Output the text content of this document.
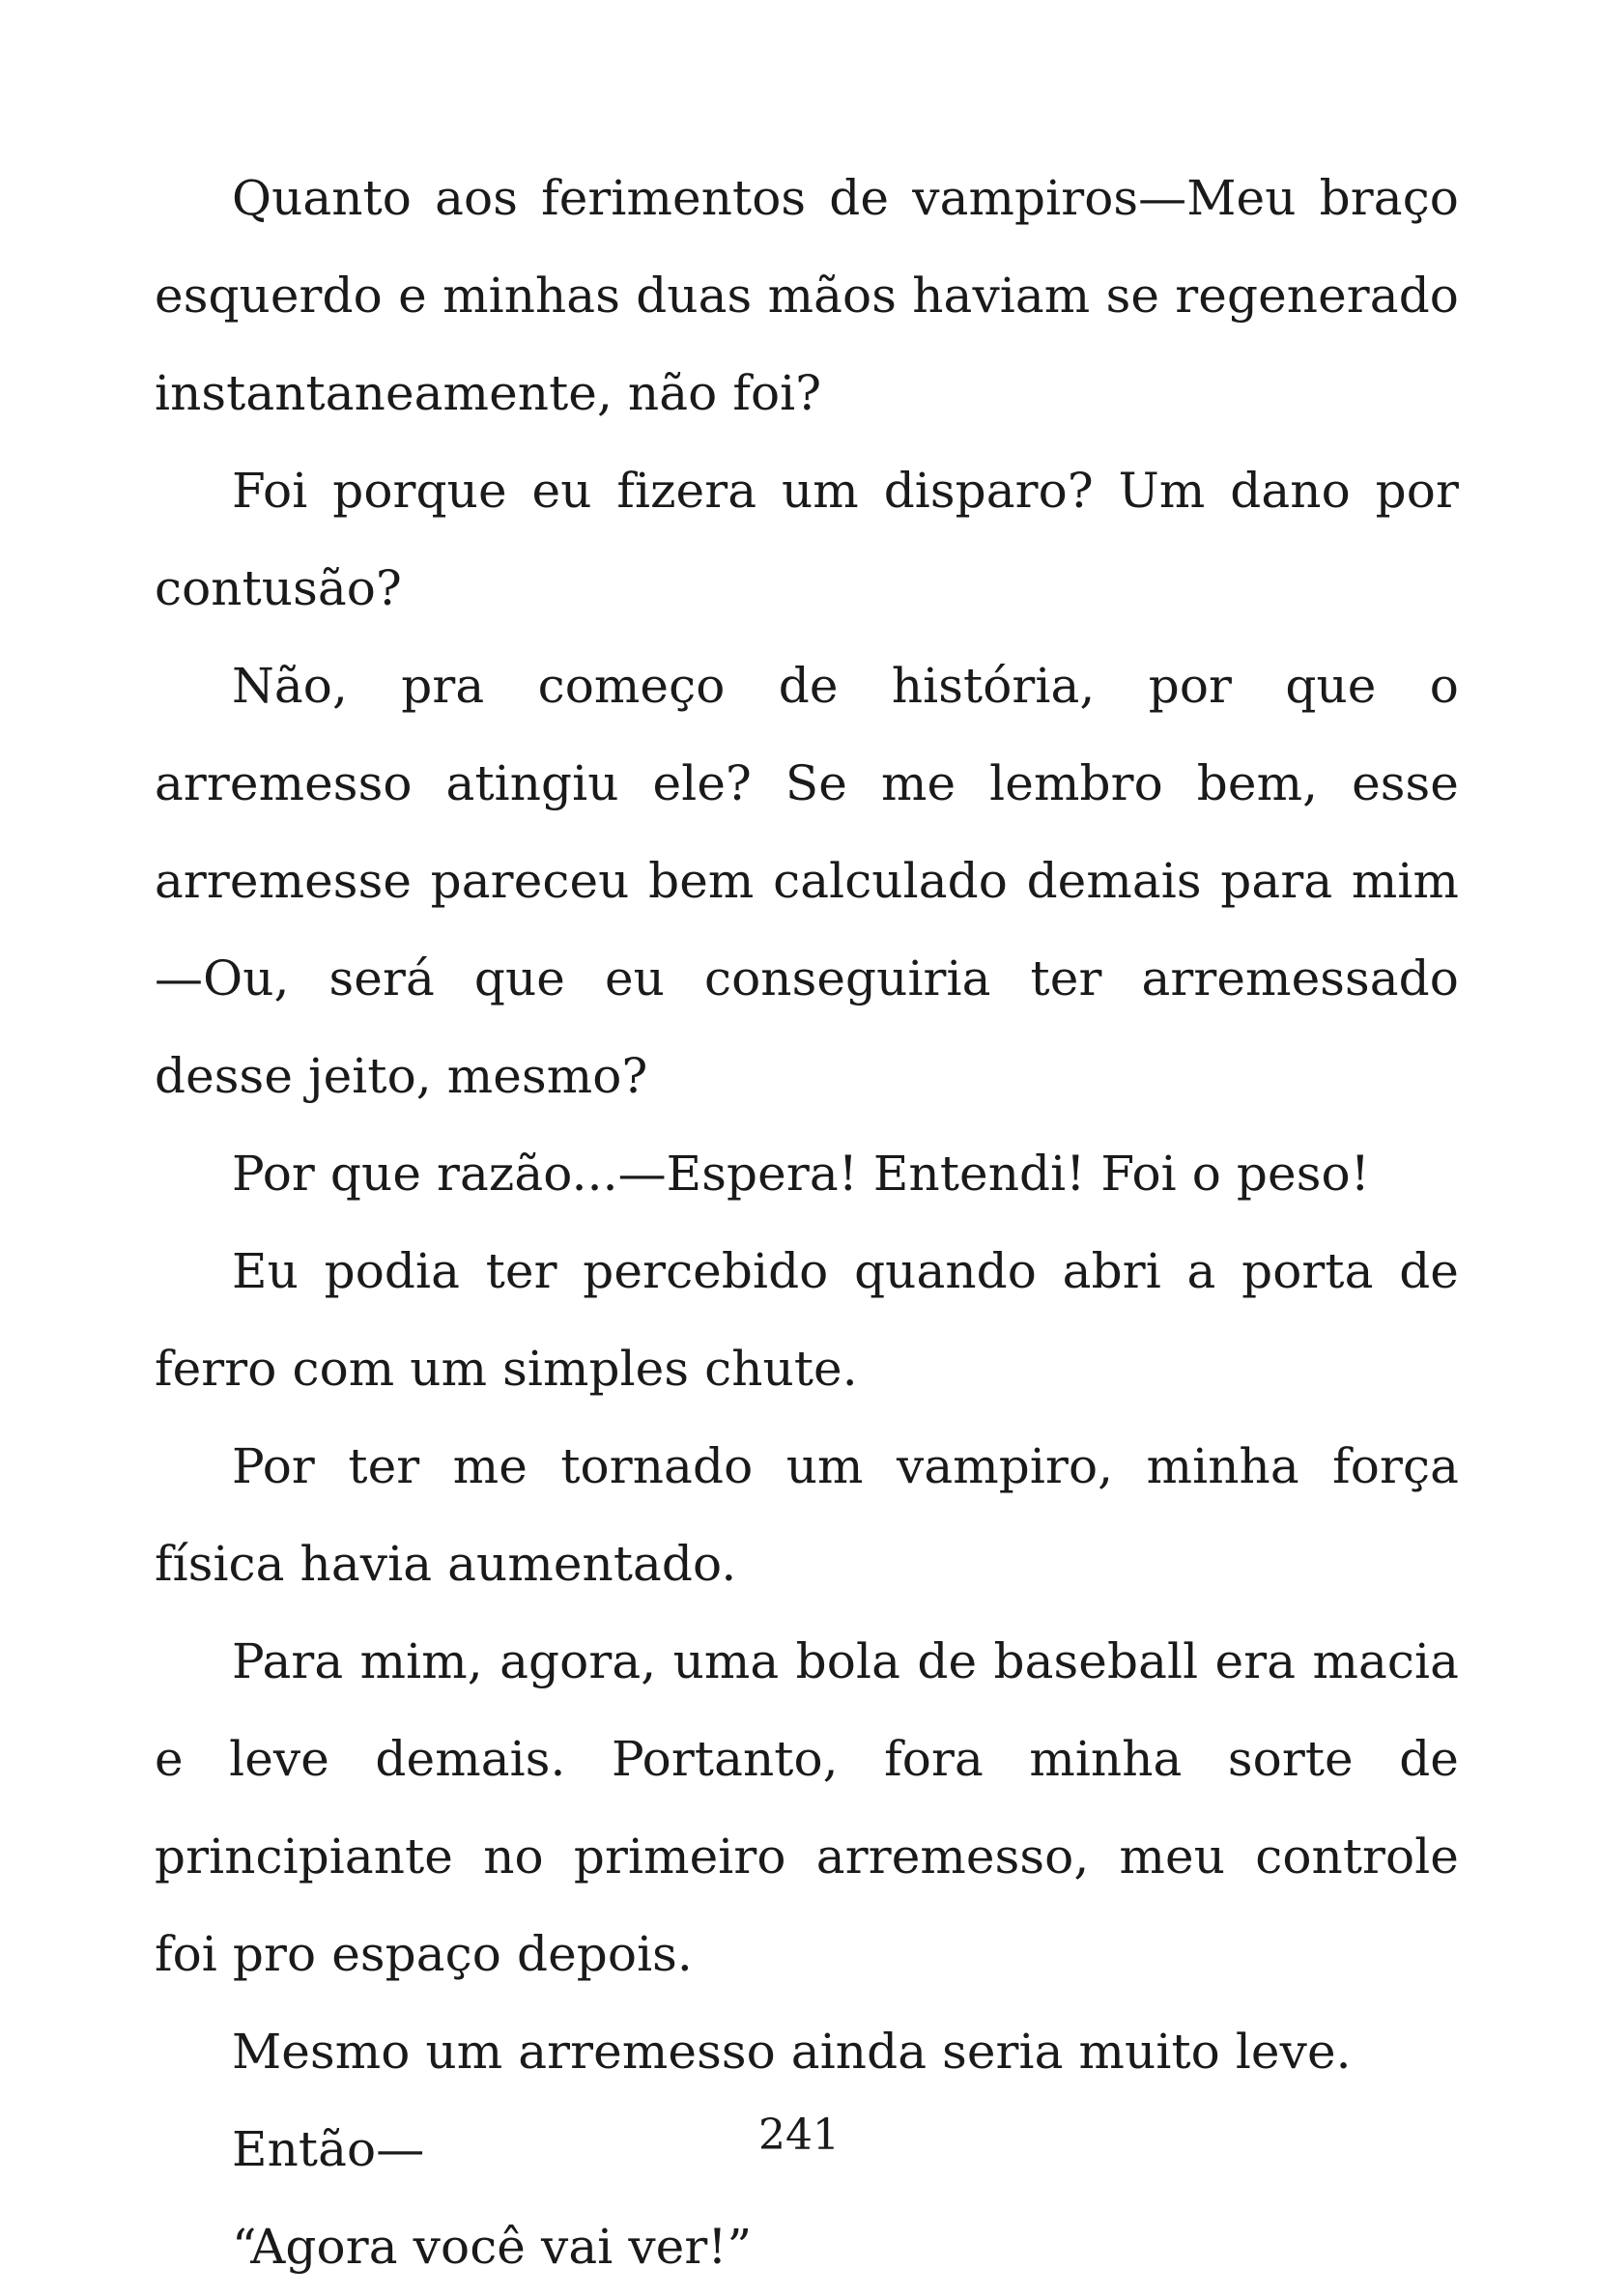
Quanto aos ferimentos de vampiros—Meu braço esquerdo e minhas duas mãos haviam se regenerado instantaneamente, não foi?

Foi porque eu fizera um disparo? Um dano por contusão?

Não, pra começo de história, por que o arremesso atingiu ele? Se me lembro bem, esse arremesse pareceu bem calculado demais para mim—Ou, será que eu conseguiria ter arremessado desse jeito, mesmo?

Por que razão...—Espera! Entendi! Foi o peso!

Eu podia ter percebido quando abri a porta de ferro com um simples chute.

Por ter me tornado um vampiro, minha força física havia aumentado.

Para mim, agora, uma bola de baseball era macia e leve demais. Portanto, fora minha sorte de principiante no primeiro arremesso, meu controle foi pro espaço depois.

Mesmo um arremesso ainda seria muito leve.

Então—

“Agora você vai ver!”

241
